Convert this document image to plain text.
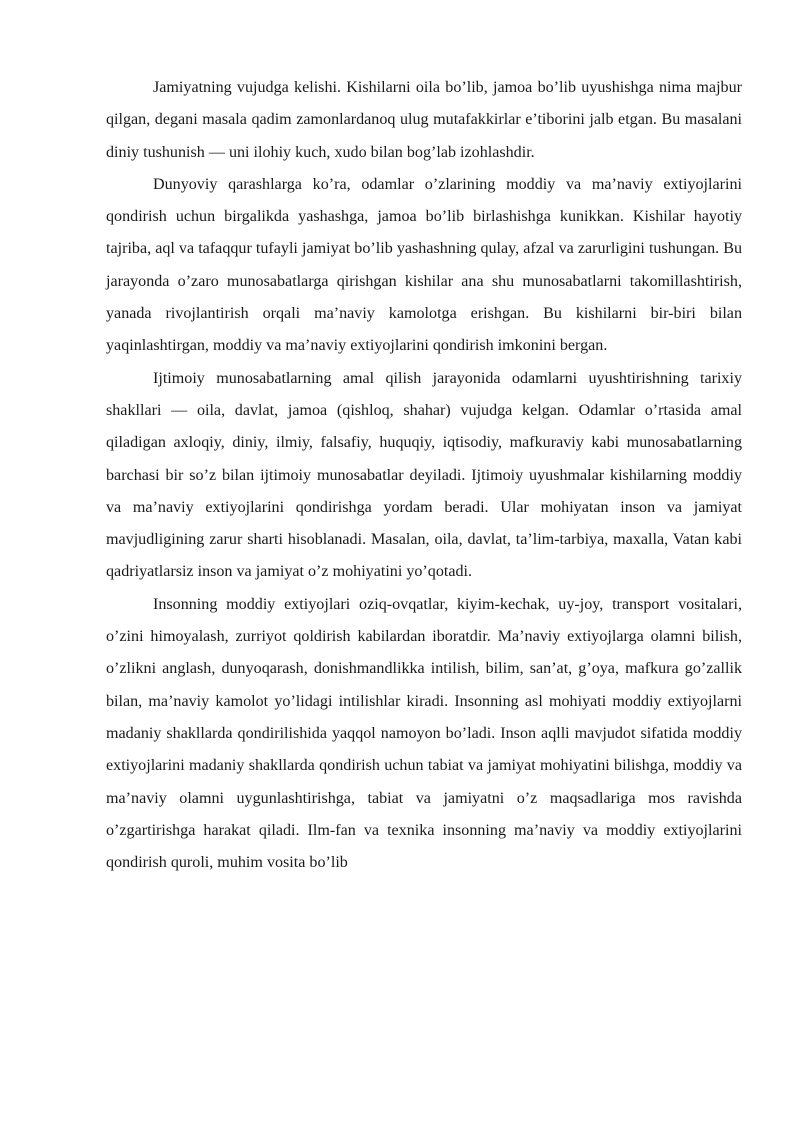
Jamiyatning vujudga kelishi. Kishilarni oila bo’lib, jamoa bo’lib uyushishga nima majbur qilgan, degani masala qadim zamonlardanoq ulug mutafakkirlar e’tiborini jalb etgan. Bu masalani diniy tushunish — uni ilohiy kuch, xudo bilan bog’lab izohlashdir.

Dunyoviy qarashlarga ko’ra, odamlar o’zlarining moddiy va ma’naviy extiyojlarini qondirish uchun birgalikda yashashga, jamoa bo’lib birlashishga kunikkan. Kishilar hayotiy tajriba, aql va tafaqqur tufayli jamiyat bo’lib yashashning qulay, afzal va zarurligini tushungan. Bu jarayonda o’zaro munosabatlarga qirishgan kishilar ana shu munosabatlarni takomillashtirish, yanada rivojlantirish orqali ma’naviy kamolotga erishgan. Bu kishilarni bir-biri bilan yaqinlashtirgan, moddiy va ma’naviy extiyojlarini qondirish imkonini bergan.

Ijtimoiy munosabatlarning amal qilish jarayonida odamlarni uyushtirishning tarixiy shakllari — oila, davlat, jamoa (qishloq, shahar) vujudga kelgan. Odamlar o’rtasida amal qiladigan axloqiy, diniy, ilmiy, falsafiy, huquqiy, iqtisodiy, mafkuraviy kabi munosabatlarning barchasi bir so’z bilan ijtimoiy munosabatlar deyiladi. Ijtimoiy uyushmalar kishilarning moddiy va ma’naviy extiyojlarini qondirishga yordam beradi. Ular mohiyatan inson va jamiyat mavjudligining zarur sharti hisoblanadi. Masalan, oila, davlat, ta’lim-tarbiya, maxalla, Vatan kabi qadriyatlarsiz inson va jamiyat o’z mohiyatini yo’qotadi.

Insonning moddiy extiyojlari oziq-ovqatlar, kiyim-kechak, uy-joy, transport vositalari, o’zini himoyalash, zurriyot qoldirish kabilardan iboratdir. Ma’naviy extiyojlarga olamni bilish, o’zlikni anglash, dunyoqarash, donishmandlikka intilish, bilim, san’at, g’oya, mafkura go’zallik bilan, ma’naviy kamolot yo’lidagi intilishlar kiradi. Insonning asl mohiyati moddiy extiyojlarni madaniy shakllarda qondirilishida yaqqol namoyon bo’ladi. Inson aqlli mavjudot sifatida moddiy extiyojlarini madaniy shakllarda qondirish uchun tabiat va jamiyat mohiyatini bilishga, moddiy va ma’naviy olamni uygunlashtirishga, tabiat va jamiyatni o’z maqsadlariga mos ravishda o’zgartirishga harakat qiladi. Ilm-fan va texnika insonning ma’naviy va moddiy extiyojlarini qondirish quroli, muhim vosita bo’lib
